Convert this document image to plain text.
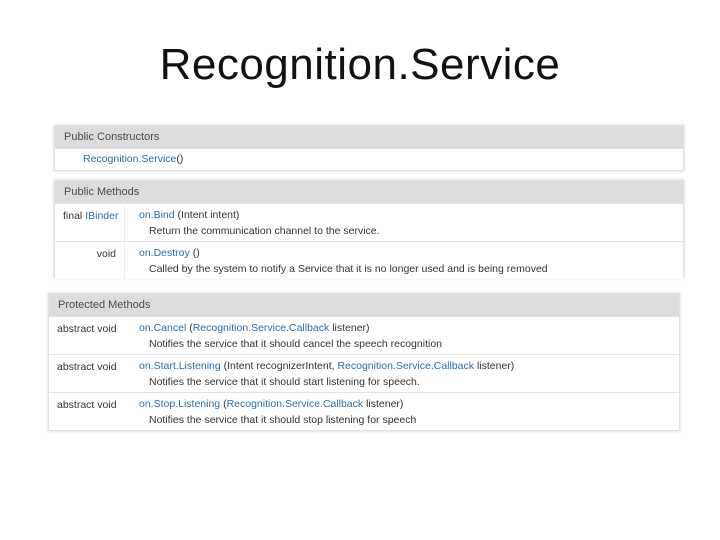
Recognition.Service
Public Constructors
Recognition.Service()
Public Methods
final IBinder	on.Bind (Intent intent)
Return the communication channel to the service.
void	on.Destroy ()
Called by the system to notify a Service that it is no longer used and is being removed
Protected Methods
abstract void	on.Cancel (Recognition.Service.Callback listener)
Notifies the service that it should cancel the speech recognition
abstract void	on.Start.Listening (Intent recognizerIntent, Recognition.Service.Callback listener)
Notifies the service that it should start listening for speech.
abstract void	on.Stop.Listening (Recognition.Service.Callback listener)
Notifies the service that it should stop listening for speech
